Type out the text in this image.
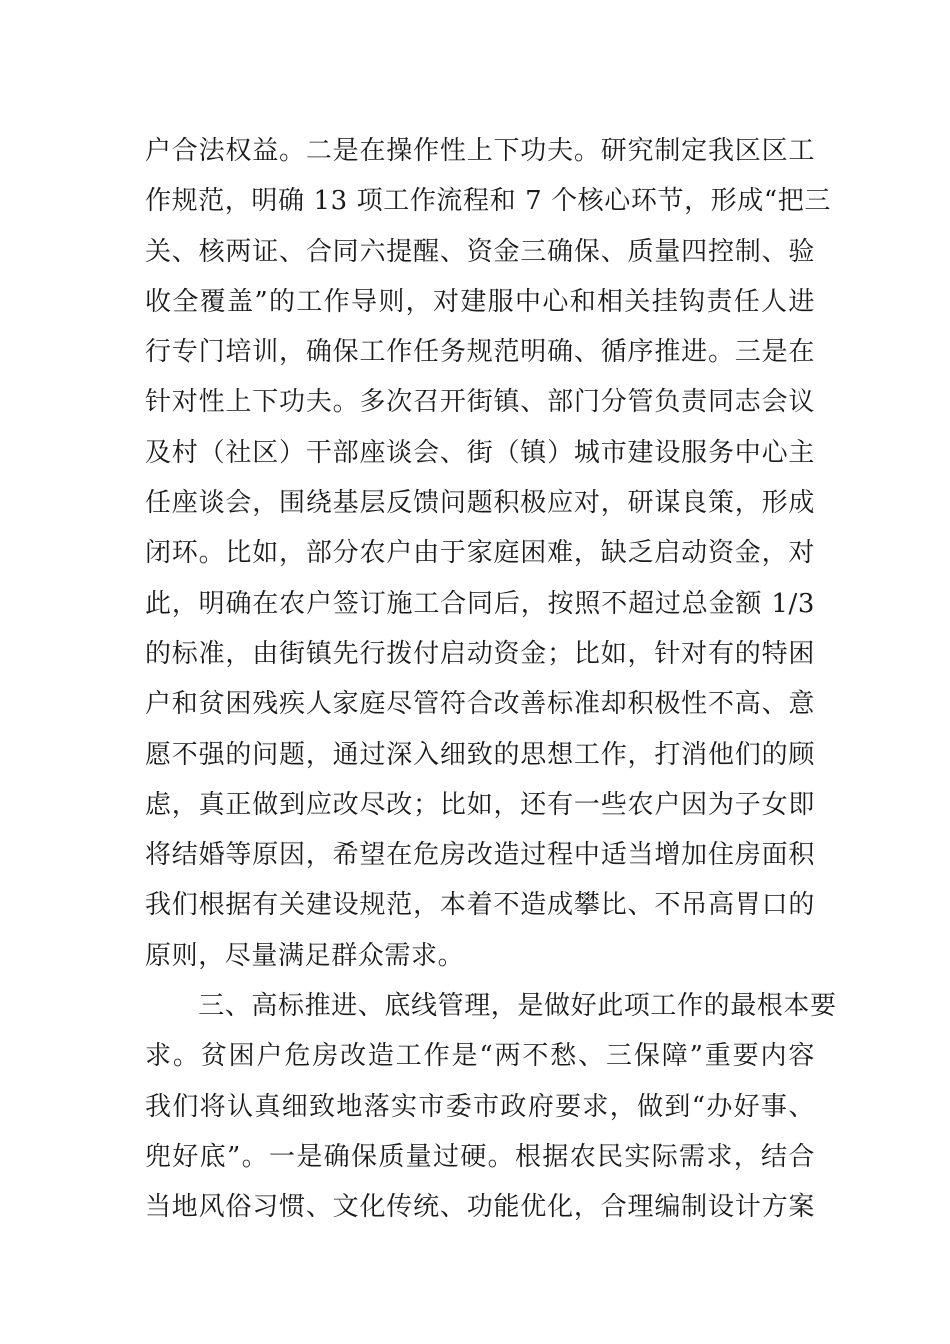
户合法权益。二是在操作性上下功夫。研究制定我区区工
作规范，明确 13 项工作流程和 7 个核心环节，形成“把三
关、核两证、合同六提醒、资金三确保、质量四控制、验
收全覆盖”的工作导则，对建服中心和相关挂钩责任人进
行专门培训，确保工作任务规范明确、循序推进。三是在
针对性上下功夫。多次召开街镇、部门分管负责同志会议
及村（社区）干部座谈会、街（镇）城市建设服务中心主
任座谈会，围绕基层反馈问题积极应对，研谋良策，形成
闭环。比如，部分农户由于家庭困难，缺乏启动资金，对
此，明确在农户签订施工合同后，按照不超过总金额 1/3
的标准，由街镇先行拨付启动资金；比如，针对有的特困
户和贫困残疾人家庭尽管符合改善标准却积极性不高、意
愿不强的问题，通过深入细致的思想工作，打消他们的顾
虑，真正做到应改尽改；比如，还有一些农户因为子女即
将结婚等原因，希望在危房改造过程中适当增加住房面积
我们根据有关建设规范，本着不造成攀比、不吊高胃口的
原则，尽量满足群众需求。
　　三、高标推进、底线管理，是做好此项工作的最根本要
求。贫困户危房改造工作是“两不愁、三保障”重要内容
我们将认真细致地落实市委市政府要求，做到“办好事、
兜好底”。一是确保质量过硬。根据农民实际需求，结合
当地风俗习惯、文化传统、功能优化，合理编制设计方案
